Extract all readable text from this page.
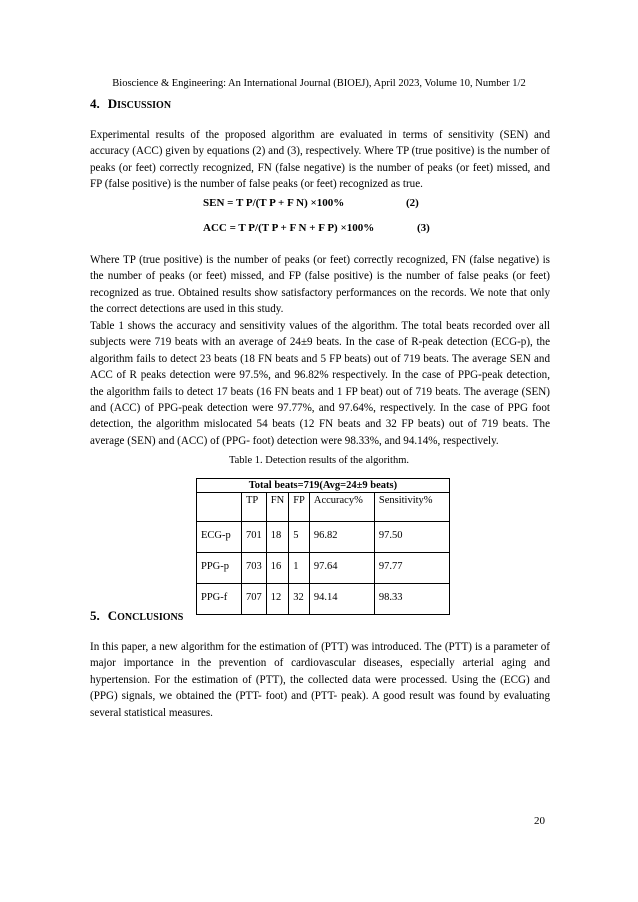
Bioscience & Engineering: An International Journal (BIOEJ), April 2023, Volume 10, Number 1/2
4. DISCUSSION

Experimental results of the proposed algorithm are evaluated in terms of sensitivity (SEN) and accuracy (ACC) given by equations (2) and (3), respectively. Where TP (true positive) is the number of peaks (or feet) correctly recognized, FN (false negative) is the number of peaks (or feet) missed, and FP (false positive) is the number of false peaks (or feet) recognized as true.

SEN = T P/(T P + F N) ×100%	(2)
ACC = T P/(T P + F N + F P) ×100%	(3)

Where TP (true positive) is the number of peaks (or feet) correctly recognized, FN (false negative) is the number of peaks (or feet) missed, and FP (false positive) is the number of false peaks (or feet) recognized as true. Obtained results show satisfactory performances on the records. We note that only the correct detections are used in this study.

Table 1 shows the accuracy and sensitivity values of the algorithm. The total beats recorded over all subjects were 719 beats with an average of 24±9 beats. In the case of R-peak detection (ECG-p), the algorithm fails to detect 23 beats (18 FN beats and 5 FP beats) out of 719 beats. The average SEN and ACC of R peaks detection were 97.5%, and 96.82% respectively. In the case of PPG-peak detection, the algorithm fails to detect 17 beats (16 FN beats and 1 FP beat) out of 719 beats. The average (SEN) and (ACC) of PPG-peak detection were 97.77%, and 97.64%, respectively. In the case of PPG foot detection, the algorithm mislocated 54 beats (12 FN beats and 32 FP beats) out of 719 beats. The average (SEN) and (ACC) of (PPG- foot) detection were 98.33%, and 94.14%, respectively.

Table 1. Detection results of the algorithm.
Total beats=719(Avg=24±9 beats)					
	TP	FN	FP	Accuracy%	Sensitivity%
ECG-p	701	18	5	96.82	97.50
PPG-p	703	16	1	97.64	97.77
PPG-f	707	12	32	94.14	98.33
5. CONCLUSIONS

In this paper, a new algorithm for the estimation of (PTT) was introduced. The (PTT) is a parameter of major importance in the prevention of cardiovascular diseases, especially arterial aging and hypertension. For the estimation of (PTT), the collected data were processed. Using the (ECG) and (PPG) signals, we obtained the (PTT- foot) and (PTT- peak). A good result was found by evaluating several statistical measures.

20
